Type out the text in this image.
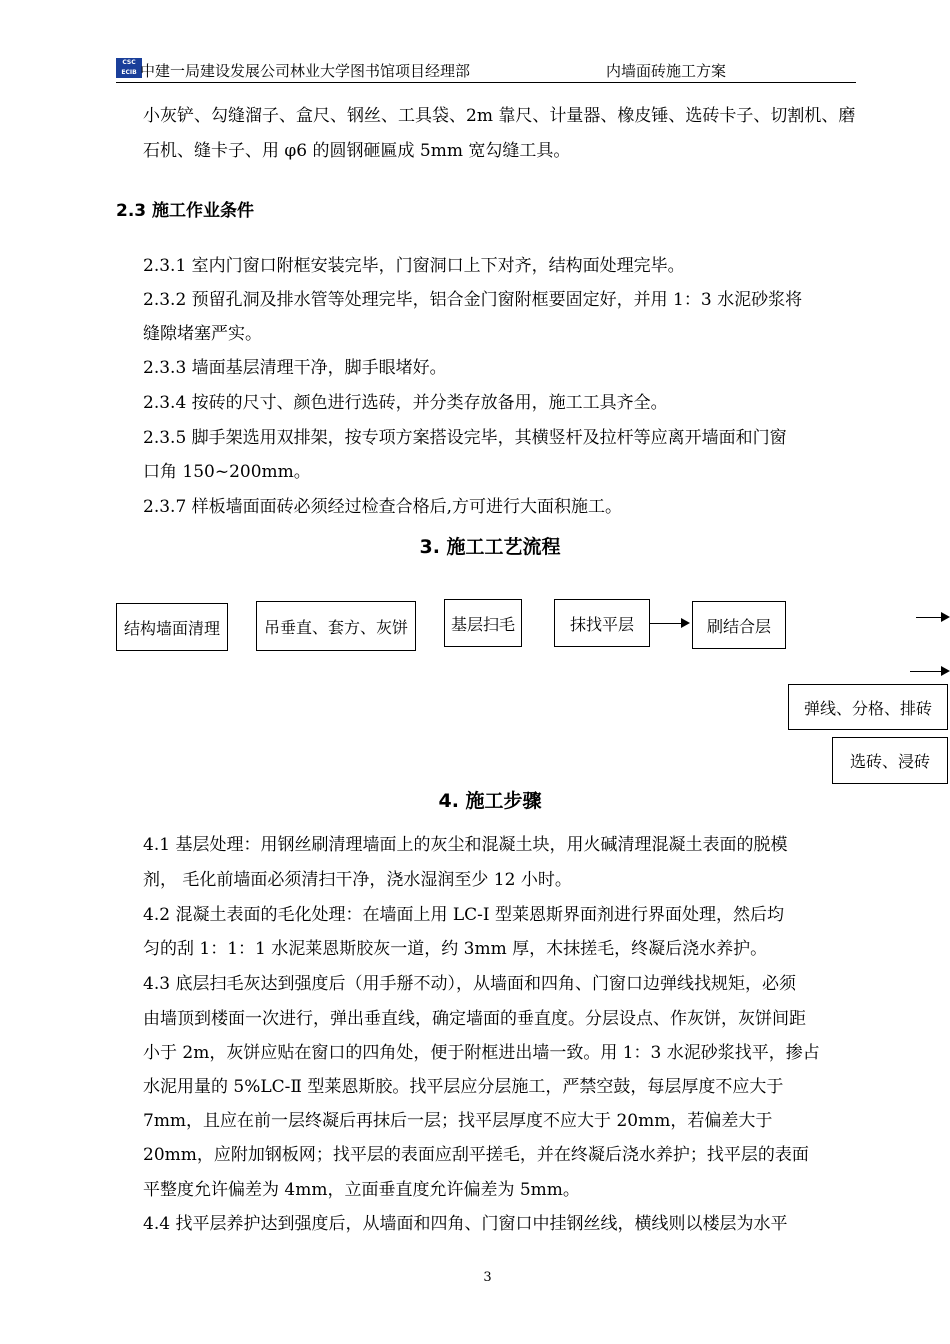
CSC
ECIB 中建一局建设发展公司林业大学图书馆项目经理部	内墙面砖施工方案
小灰铲、勾缝溜子、盒尺、钢丝、工具袋、2m 靠尺、计量器、橡皮锤、选砖卡子、切割机、磨
石机、缝卡子、用 φ6 的圆钢砸匾成 5mm 宽勾缝工具。
2.3 施工作业条件
2.3.1 室内门窗口附框安装完毕，门窗洞口上下对齐，结构面处理完毕。
2.3.2 预留孔洞及排水管等处理完毕，铝合金门窗附框要固定好，并用 1：3 水泥砂浆将
缝隙堵塞严实。
2.3.3 墙面基层清理干净，脚手眼堵好。
2.3.4 按砖的尺寸、颜色进行选砖，并分类存放备用，施工工具齐全。
2.3.5 脚手架选用双排架，按专项方案搭设完毕，其横竖杆及拉杆等应离开墙面和门窗
口角 150~200mm。
2.3.7 样板墙面面砖必须经过检查合格后,方可进行大面积施工。
3. 施工工艺流程
结构墙面清理	吊垂直、套方、灰饼	基层扫毛	抹找平层	刷结合层
弹线、分格、排砖
选砖、浸砖
4. 施工步骤
4.1 基层处理：用钢丝刷清理墙面上的灰尘和混凝土块，用火碱清理混凝土表面的脱模
剂， 毛化前墙面必须清扫干净，浇水湿润至少 12 小时。
4.2 混凝土表面的毛化处理：在墙面上用 LC-Ⅰ 型莱恩斯界面剂进行界面处理，然后均
匀的刮 1：1：1 水泥莱恩斯胶灰一道，约 3mm 厚，木抹搓毛，终凝后浇水养护。
4.3 底层扫毛灰达到强度后（用手掰不动），从墙面和四角、门窗口边弹线找规矩，必须
由墙顶到楼面一次进行，弹出垂直线，确定墙面的垂直度。分层设点、作灰饼，灰饼间距
小于 2m，灰饼应贴在窗口的四角处，便于附框进出墙一致。用 1：3 水泥砂浆找平，掺占
水泥用量的 5%LC-Ⅱ 型莱恩斯胶。找平层应分层施工，严禁空鼓，每层厚度不应大于
7mm，且应在前一层终凝后再抹后一层；找平层厚度不应大于 20mm，若偏差大于
20mm，应附加钢板网；找平层的表面应刮平搓毛，并在终凝后浇水养护；找平层的表面
平整度允许偏差为 4mm，立面垂直度允许偏差为 5mm。
4.4 找平层养护达到强度后，从墙面和四角、门窗口中挂钢丝线，横线则以楼层为水平
3
